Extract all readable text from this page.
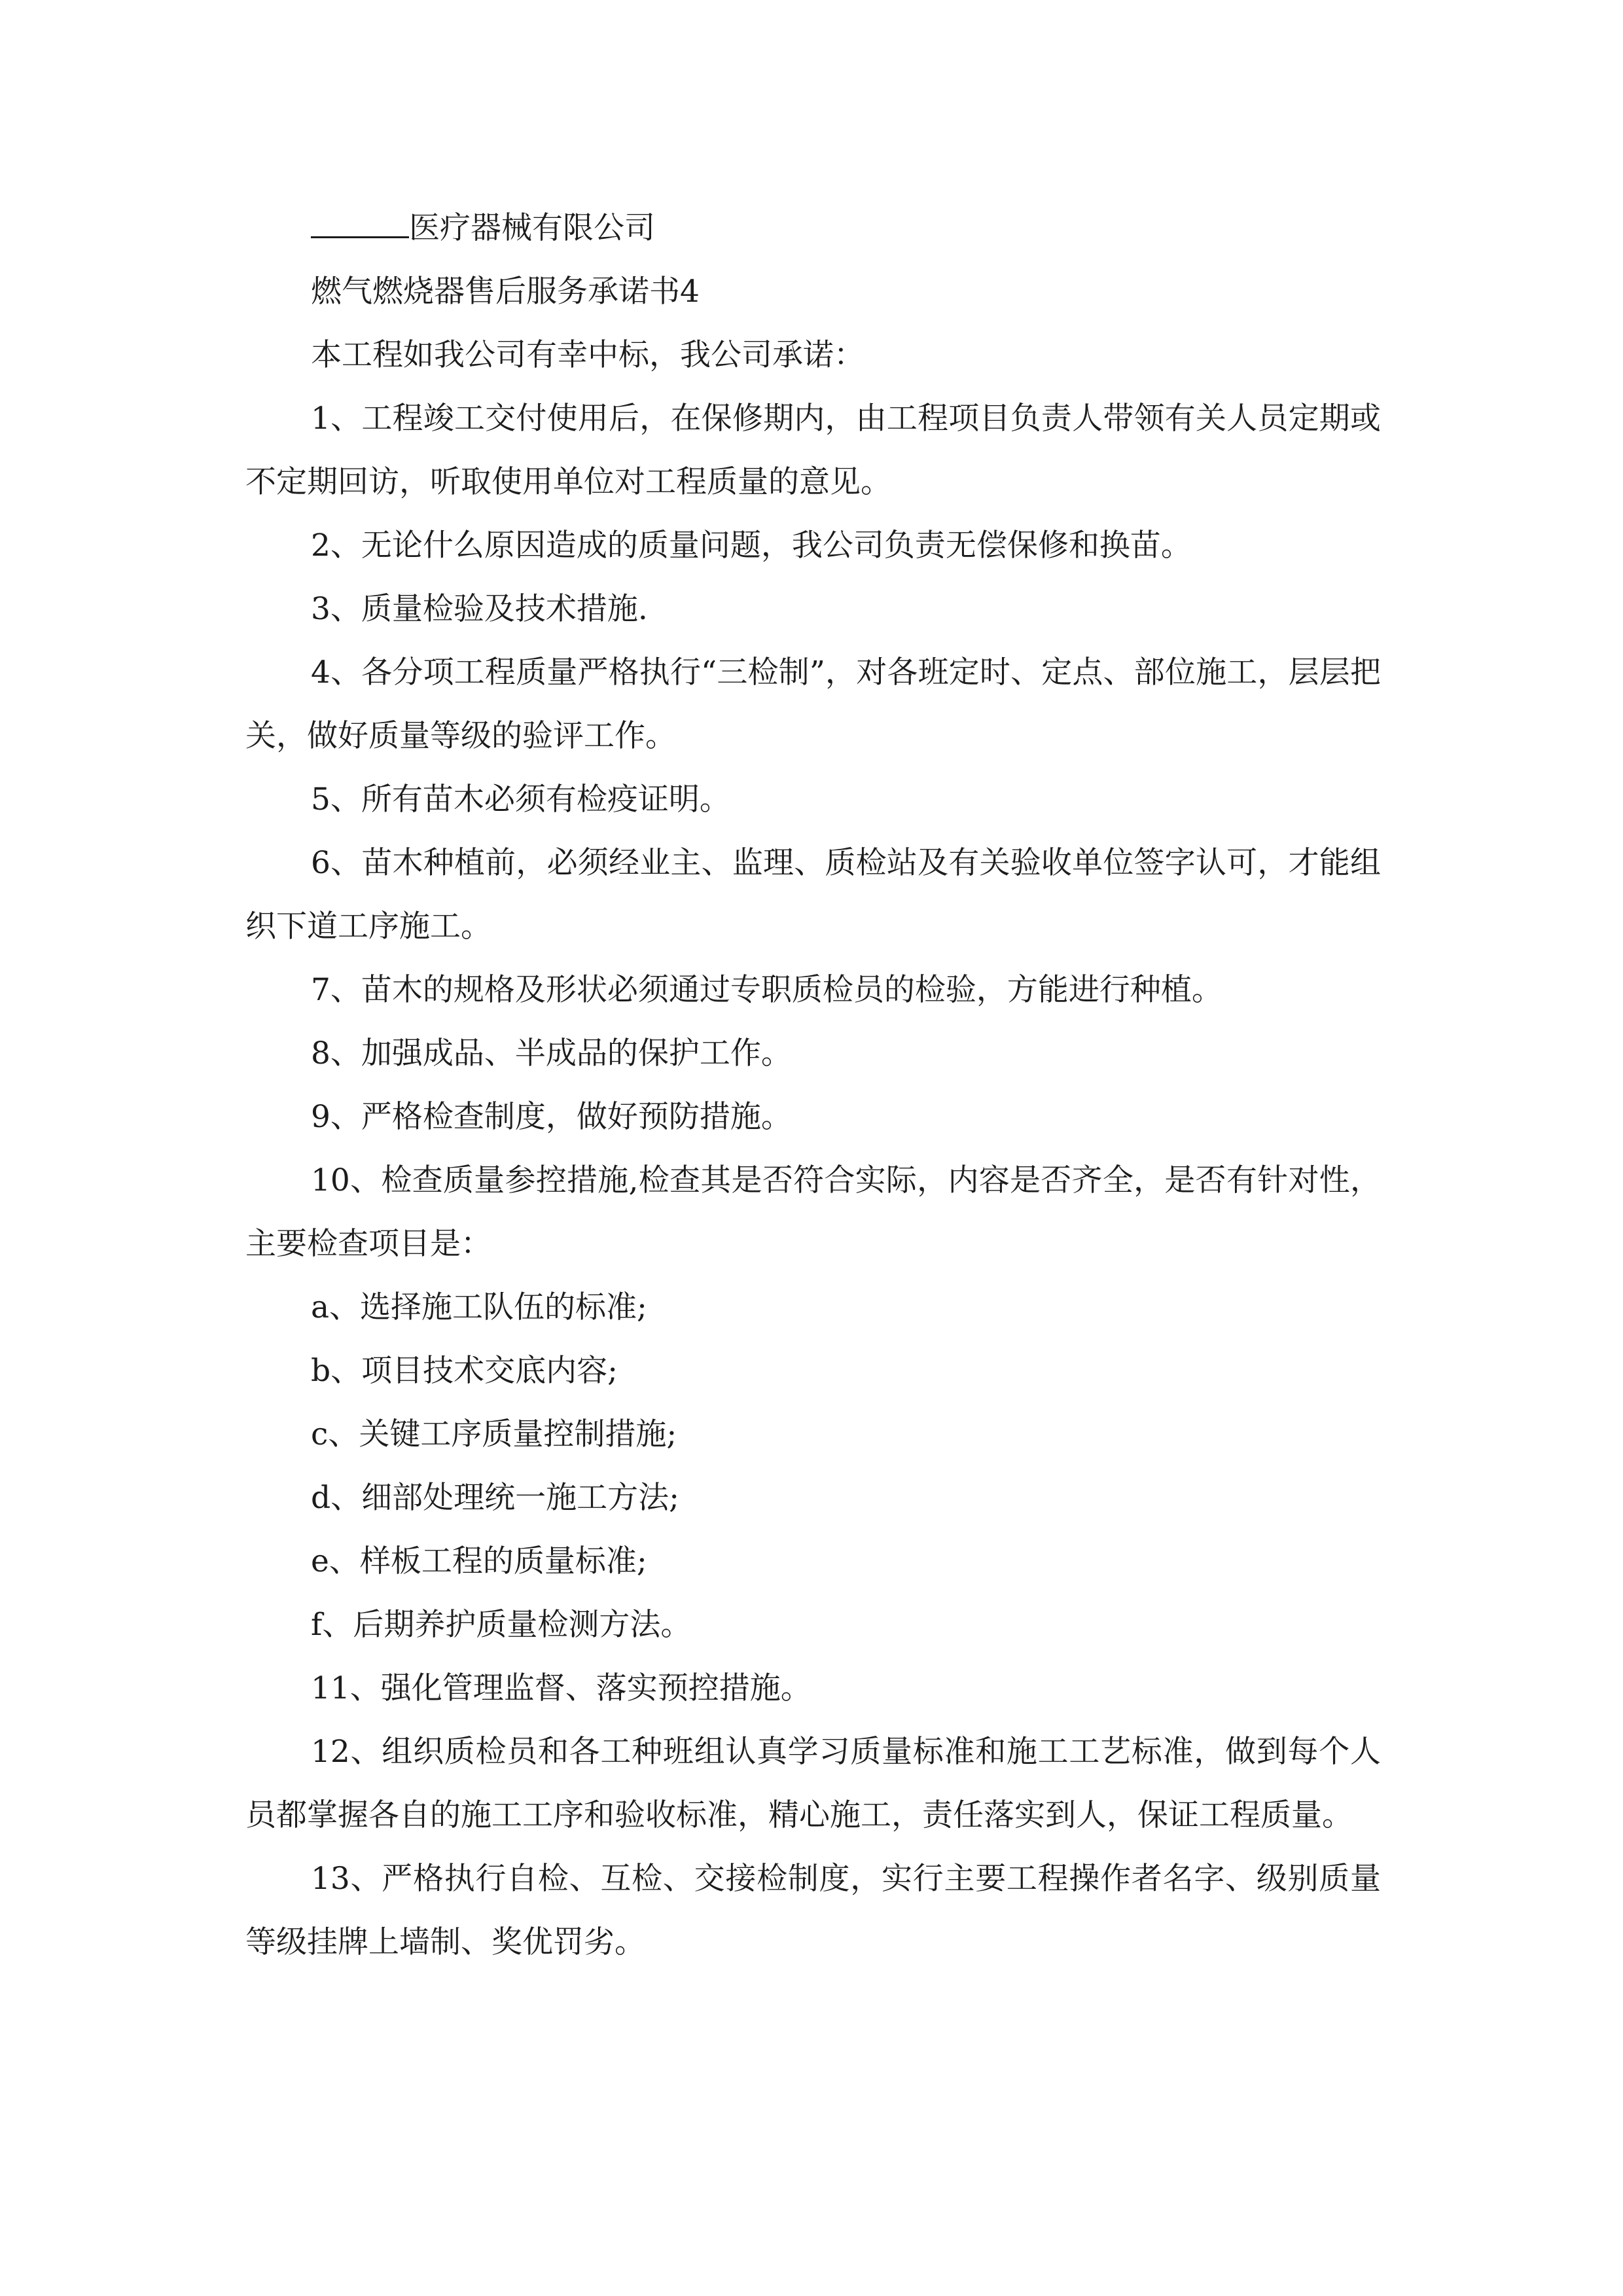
医疗器械有限公司

燃气燃烧器售后服务承诺书4

本工程如我公司有幸中标，我公司承诺：

1、工程竣工交付使用后，在保修期内，由工程项目负责人带领有关人员定期或不定期回访，听取使用单位对工程质量的意见。

2、无论什么原因造成的质量问题，我公司负责无偿保修和换苗。

3、质量检验及技术措施.

4、各分项工程质量严格执行“三检制”，对各班定时、定点、部位施工，层层把关，做好质量等级的验评工作。

5、所有苗木必须有检疫证明。

6、苗木种植前，必须经业主、监理、质检站及有关验收单位签字认可，才能组织下道工序施工。

7、苗木的规格及形状必须通过专职质检员的检验，方能进行种植。

8、加强成品、半成品的保护工作。

9、严格检查制度，做好预防措施。

10、检查质量参控措施,检查其是否符合实际，内容是否齐全，是否有针对性，主要检查项目是：

a、选择施工队伍的标准;

b、项目技术交底内容;

c、关键工序质量控制措施;

d、细部处理统一施工方法;

e、样板工程的质量标准;

f、后期养护质量检测方法。

11、强化管理监督、落实预控措施。

12、组织质检员和各工种班组认真学习质量标准和施工工艺标准，做到每个人员都掌握各自的施工工序和验收标准，精心施工，责任落实到人，保证工程质量。

13、严格执行自检、互检、交接检制度，实行主要工程操作者名字、级别质量等级挂牌上墙制、奖优罚劣。
